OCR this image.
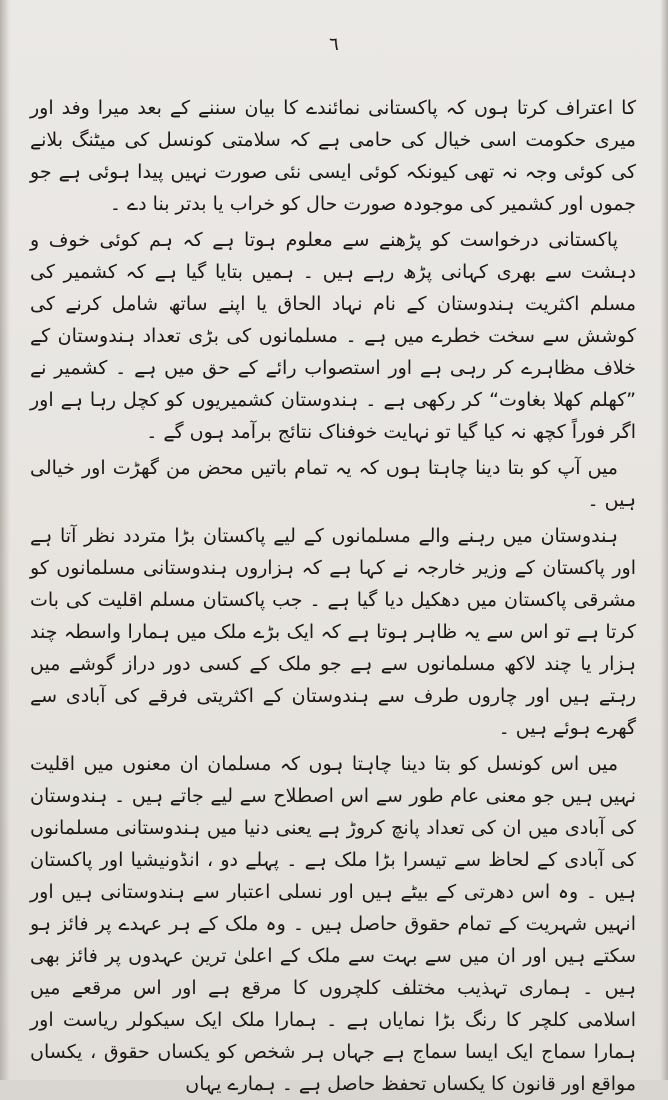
٦

کا اعتراف کرتا ہوں کہ پاکستانی نمائندے کا بیان سننے کے بعد میرا وفد اور میری حکومت اسی خیال کی حامی ہے کہ سلامتی کونسل کی میٹنگ بلانے کی کوئی وجہ نہ تھی کیونکہ کوئی ایسی نئی صورت نہیں پیدا ہوئی ہے جو جموں اور کشمیر کی موجودہ صورت حال کو خراب یا بدتر بنا دے ۔

پاکستانی درخواست کو پڑھنے سے معلوم ہوتا ہے کہ ہم کوئی خوف و دہشت سے بھری کہانی پڑھ رہے ہیں ۔ ہمیں بتایا گیا ہے کہ کشمیر کی مسلم اکثریت ہندوستان کے نام نہاد الحاق یا اپنے ساتھ شامل کرنے کی کوشش سے سخت خطرے میں ہے ۔ مسلمانوں کی بڑی تعداد ہندوستان کے خلاف مظاہرے کر رہی ہے اور استصواب رائے کے حق میں ہے ۔ کشمیر نے ”کھلم کھلا بغاوت“ کر رکھی ہے ۔ ہندوستان کشمیریوں کو کچل رہا ہے اور اگر فوراً کچھ نہ کیا گیا تو نہایت خوفناک نتائج برآمد ہوں گے ۔

میں آپ کو بتا دینا چاہتا ہوں کہ یہ تمام باتیں محض من گھڑت اور خیالی ہیں ۔

ہندوستان میں رہنے والے مسلمانوں کے لیے پاکستان بڑا متردد نظر آتا ہے اور پاکستان کے وزیر خارجہ نے کہا ہے کہ ہزاروں ہندوستانی مسلمانوں کو مشرقی پاکستان میں دھکیل دیا گیا ہے ۔ جب پاکستان مسلم اقلیت کی بات کرتا ہے تو اس سے یہ ظاہر ہوتا ہے کہ ایک بڑے ملک میں ہمارا واسطہ چند ہزار یا چند لاکھ مسلمانوں سے ہے جو ملک کے کسی دور دراز گوشے میں رہتے ہیں اور چاروں طرف سے ہندوستان کے اکثریتی فرقے کی آبادی سے گھرے ہوئے ہیں ۔

میں اس کونسل کو بتا دینا چاہتا ہوں کہ مسلمان ان معنوں میں اقلیت نہیں ہیں جو معنی عام طور سے اس اصطلاح سے لیے جاتے ہیں ۔ ہندوستان کی آبادی میں ان کی تعداد پانچ کروڑ ہے یعنی دنیا میں ہندوستانی مسلمانوں کی آبادی کے لحاظ سے تیسرا بڑا ملک ہے ۔ پہلے دو ، انڈونیشیا اور پاکستان ہیں ۔ وہ اس دھرتی کے بیٹے ہیں اور نسلی اعتبار سے ہندوستانی ہیں اور انہیں شہریت کے تمام حقوق حاصل ہیں ۔ وہ ملک کے ہر عہدے پر فائز ہو سکتے ہیں اور ان میں سے بہت سے ملک کے اعلیٰ ترین عہدوں پر فائز بھی ہیں ۔ ہماری تہذیب مختلف کلچروں کا مرقع ہے اور اس مرقعے میں اسلامی کلچر کا رنگ بڑا نمایاں ہے ۔ ہمارا ملک ایک سیکولر ریاست اور ہمارا سماج ایک ایسا سماج ہے جہاں ہر شخص کو یکساں حقوق ، یکساں مواقع اور قانون کا یکساں تحفظ حاصل ہے ۔ ہمارے یہاں
